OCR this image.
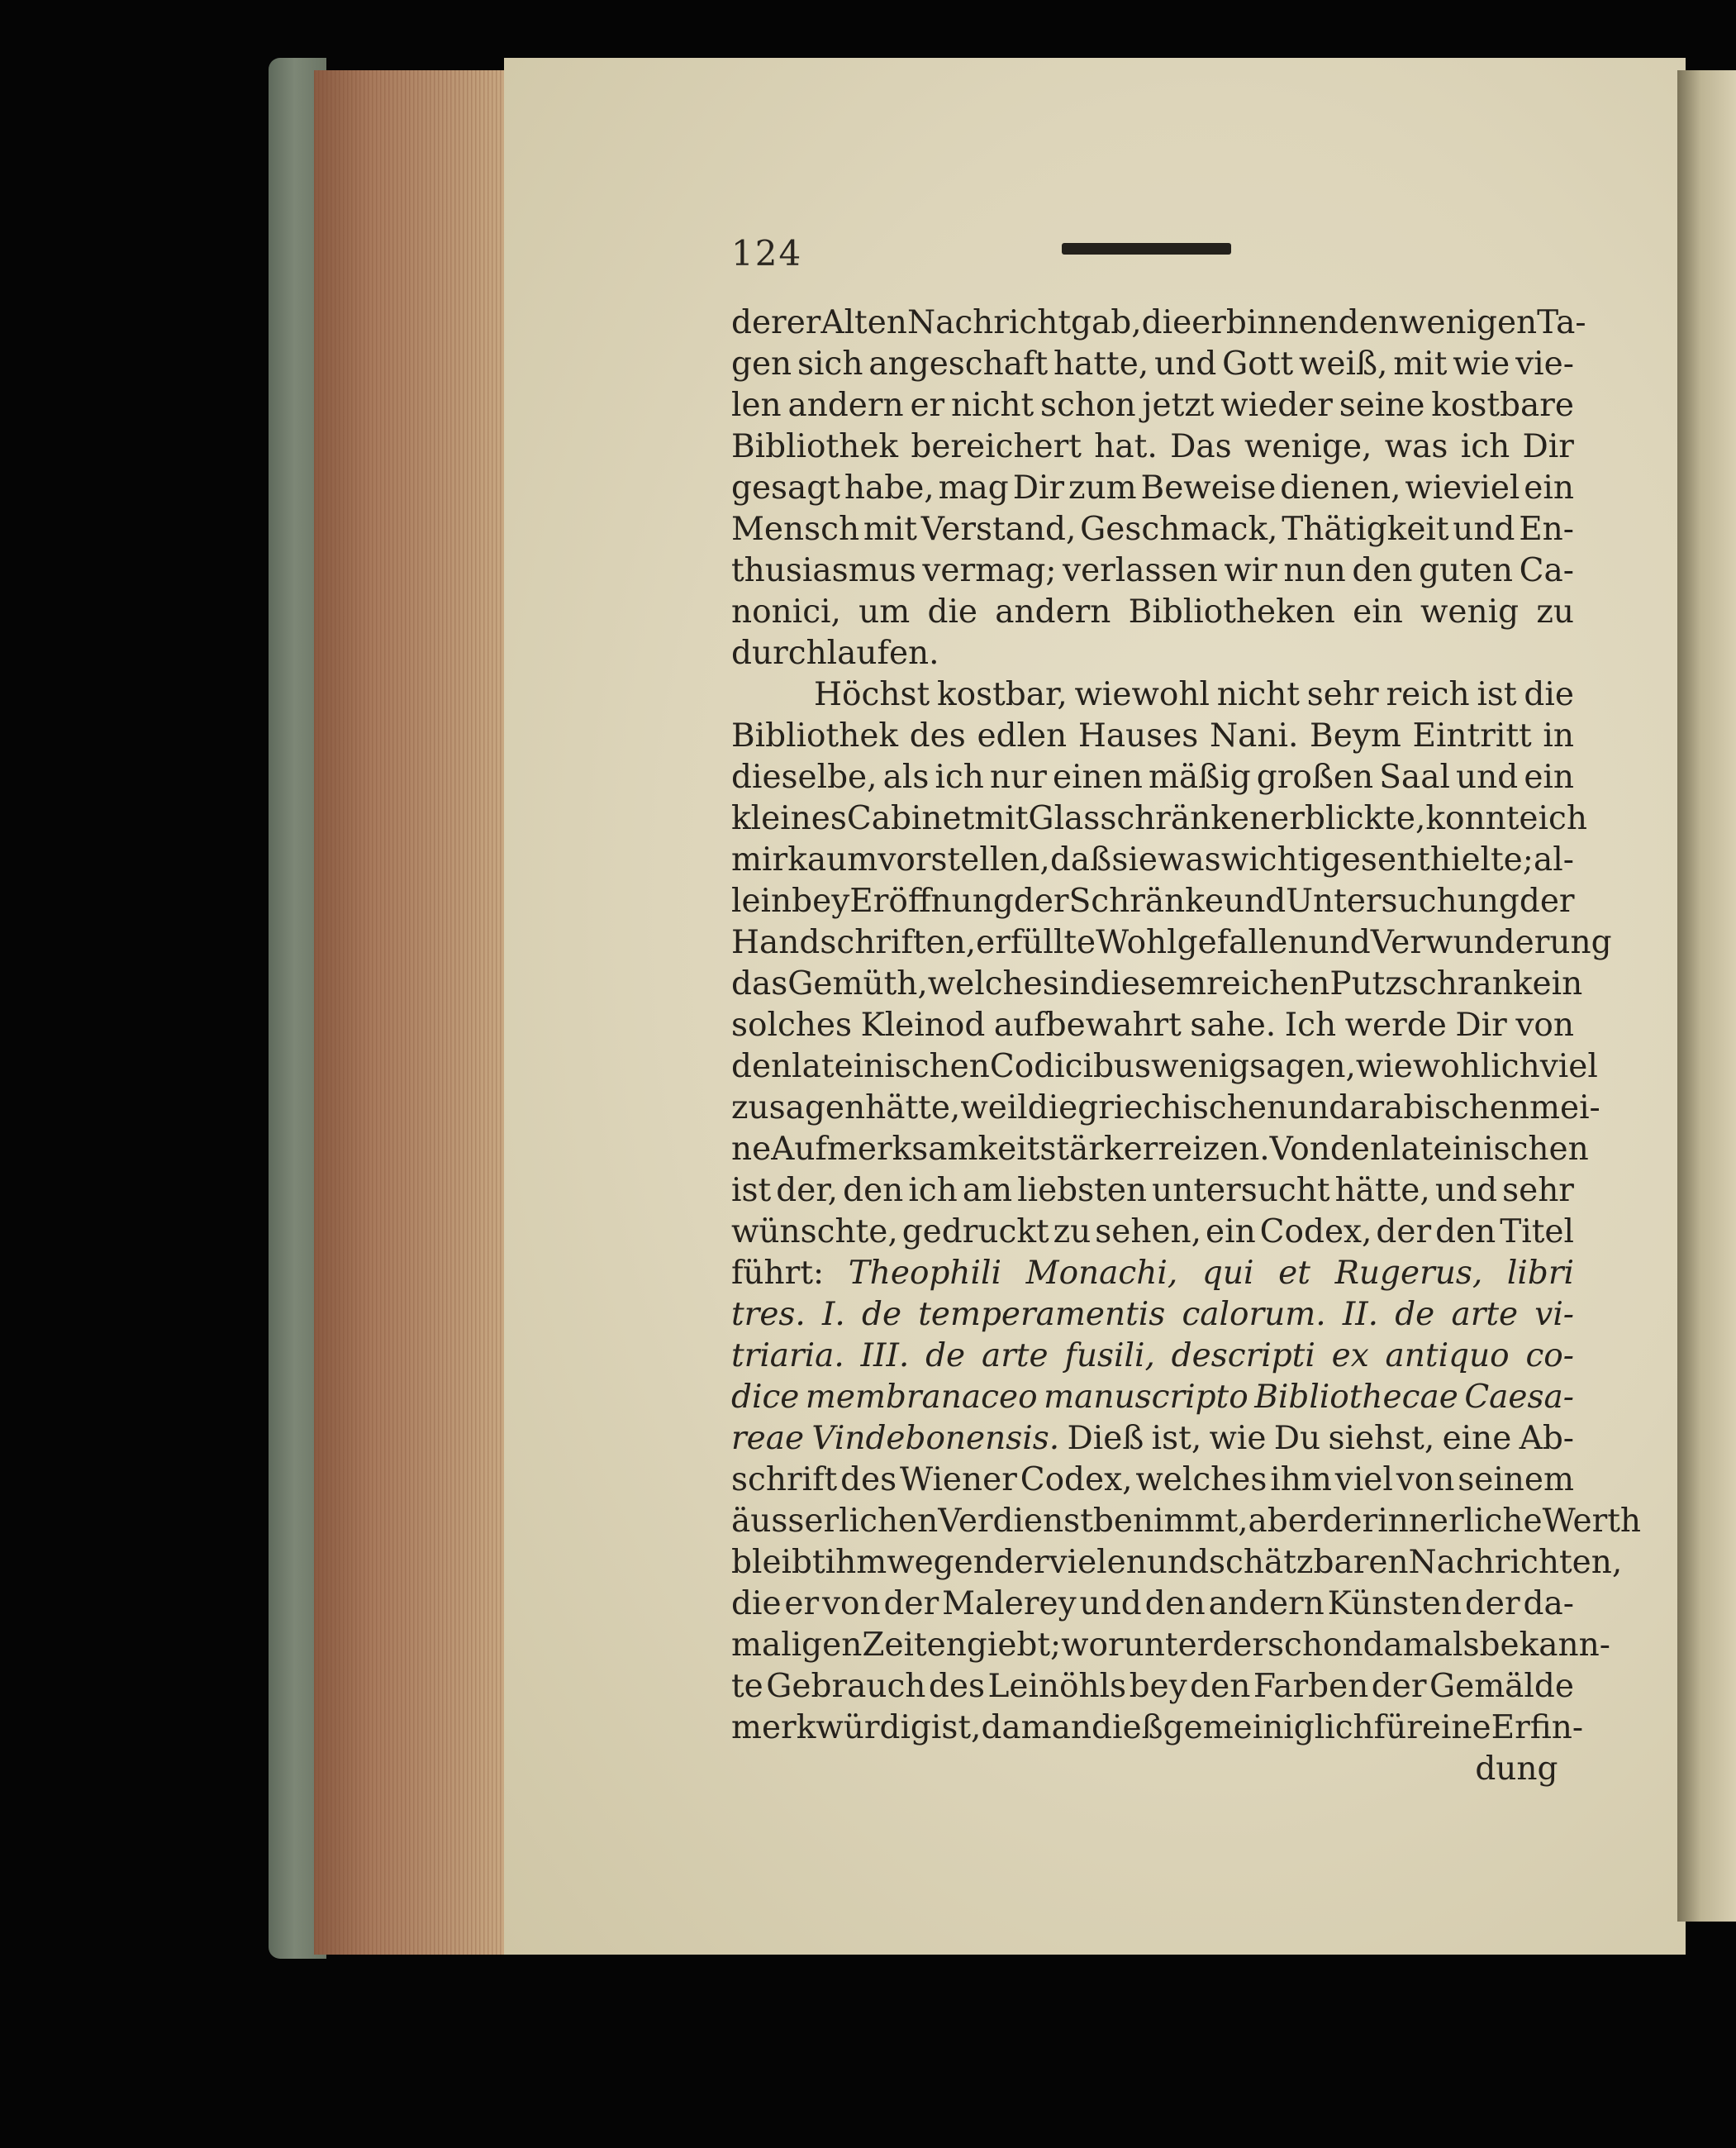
124
derer Alten Nachricht gab, die er binnen den wenigen Ta-
gen sich angeschaft hatte, und Gott weiß, mit wie vie-
len andern er nicht schon jetzt wieder seine kostbare
Bibliothek bereichert hat. Das wenige, was ich Dir
gesagt habe, mag Dir zum Beweise dienen, wieviel ein
Mensch mit Verstand, Geschmack, Thätigkeit und En-
thusiasmus vermag; verlassen wir nun den guten Ca-
nonici, um die andern Bibliotheken ein wenig zu
durchlaufen.
Höchst kostbar, wiewohl nicht sehr reich ist die
Bibliothek des edlen Hauses Nani. Beym Eintritt in
dieselbe, als ich nur einen mäßig großen Saal und ein
kleines Cabinet mit Glasschränken erblickte, konnte ich
mir kaum vorstellen, daß sie was wichtiges enthielte; al-
lein bey Eröffnung der Schränke und Untersuchung der
Handschriften, erfüllte Wohlgefallen und Verwunderung
das Gemüth, welches in diesem reichen Putzschrank ein
solches Kleinod aufbewahrt sahe. Ich werde Dir von
den lateinischen Codicibus wenig sagen, wiewohl ich viel
zu sagen hätte, weil die griechischen und arabischen mei-
ne Aufmerksamkeit stärker reizen. Von den lateinischen
ist der, den ich am liebsten untersucht hätte, und sehr
wünschte, gedruckt zu sehen, ein Codex, der den Titel
führt: Theophili Monachi, qui et Rugerus, libri
tres. I. de temperamentis calorum. II. de arte vi-
triaria. III. de arte fusili, descripti ex antiquo co-
dice membranaceo manuscripto Bibliothecae Caesa-
reae Vindebonensis. Dieß ist, wie Du siehst, eine Ab-
schrift des Wiener Codex, welches ihm viel von seinem
äusserlichen Verdienst benimmt, aber der innerliche Werth
bleibt ihm wegen der vielen und schätzbaren Nachrichten,
die er von der Malerey und den andern Künsten der da-
maligen Zeiten giebt; worunter der schon damals bekann-
te Gebrauch des Leinöhls bey den Farben der Gemälde
merkwürdig ist, da man dieß gemeiniglich für eine Erfin-
dung
